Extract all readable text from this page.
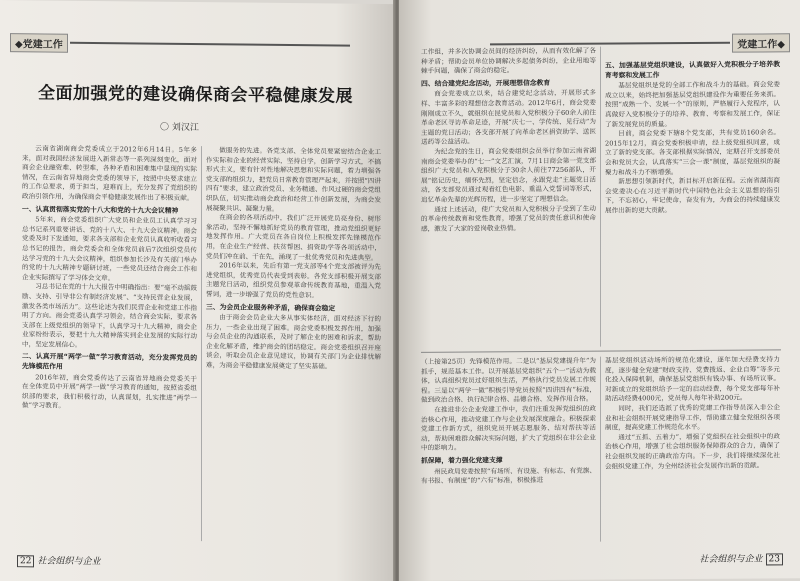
◆党建工作
全面加强党的建设确保商会平稳健康发展
〇 刘汉江

云南省湖南商会党委成立于2012年6月14日。5年多来，面对我国经济发展进入新常态等一系列深刻变化，面对商会企业融资难、转型难，各种矛盾和困难集中显现的实际情况，在云南省异地商会党委的领导下，按照中央要求建立的工作总要求，勇于担当，迎难而上，充分发挥了党组织的政治引领作用，为确保商会平稳健康发展作出了积极贡献。

一、认真贯彻落实党的十八大和党的十九大会议精神

5年来，商会党委组织广大党员和企业员工认真学习习总书记系列重要讲话、党的十八大、十九大会议精神。商会党委及时下发通知，要求各支部和企业党员认真收听收看习总书记的报告，商会党委会和全体党员前后7次组织党员传达学习党的十九大会议精神，组织参加长沙及有关部门举办的党的十九大精神专题研讨班，一些党员还结合商会工作和企业实际撰写了学习体会文章。

习总书记在党的十九大报告中明确指出：要“毫不动摇鼓励、支持、引导非公有制经济发展”、“支持民营企业发展，激发各类市场活力”。这些论述为我们民营企业和党建工作指明了方向。商会党委认真学习领会，结合商会实际，要求各支部在上级党组织的领导下，认真学习十九大精神，商会企业家纷纷表示，要把十九大精神落实到企业发展的实际行动中，坚定发展信心。

二、认真开展“两学一做”学习教育活动，充分发挥党员的先锋模范作用

2016年初，商会党委传达了云南省异地商会党委关于在全体党员中开展“两学一做”学习教育的通知，按照省委组织部的要求，我们积极行动，认真谋划，扎实推进“两学一做”学习教育。

做服务的先进。各党支部、全体党员要紧密结合企业工作实际和企业的经营实际，坚持自学，创新学习方式，不搞形式主义，要有针对性地解决思想和实际问题，着力增强各党支部的组织力，把党员日常教育管理严起来，并按照“四讲四有”要求，建立政治党员、业务精通、作风过硬的商会党组织队伍，切实推动商会政治和经营工作创新发展，为商会发展凝聚共识、凝聚力量。

在商会的各项活动中，我们广泛开展党员亮身份、树形象活动，坚持不懈地抓好党员的教育管理，推动党组织更好地发挥作用。广大党员在各自岗位上积极发挥先锋模范作用，在企业生产经营、扶贫帮困、捐资助学等各项活动中，党员们冲在前、干在先，涌现了一批优秀党员和先进典型。

2016年以来，先后有第一党支部等4个党支部被评为先进党组织，优秀党员代表受到表彰。各党支部积极开展支部主题党日活动，组织党员参观革命传统教育基地，重温入党誓词，进一步增强了党员的党性意识。

三、为会员企业服务种矛盾，确保商会稳定

由于商会会员企业大多从事实体经济，面对经济下行的压力，一些企业出现了困难。商会党委积极发挥作用，加强与会员企业的沟通联系，及时了解企业的困难和诉求，帮助企业化解矛盾，维护商会的团结稳定。商会党委组织召开座谈会，听取会员企业意见建议，协调有关部门为企业排忧解难，为商会平稳健康发展奠定了坚实基础。

22 社会组织与企业
党建工作◆

工作组，并多次协调会员间的经济纠纷，从而有效化解了各种矛盾；帮助会员单位协调解决多起债务纠纷，企业用地等棘手问题，确保了商会的稳定。

四、结合建党纪念活动，开展理想信念教育

商会党委成立以来，结合建党纪念活动，开展形式多样、丰富多彩的理想信念教育活动。2012年6月，商会党委刚刚成立不久，就组织在昆党员和入党积极分子60余人前往革命老区寻访革命足迹，开展“庆七一、学传统、见行动”为主题的党日活动；各支部开展了向革命老区捐资助学、送医送药等公益活动。

为纪念党的生日，商会党委组织会员举行参加云南省湖南商会党委举办的“七一”文艺汇演，7月1日商会第一党支部组织广大党员和入党积极分子30余人前往77256部队，开展“铭记历史，缅怀先烈，坚定信念，永跟党走”主题党日活动，各支部党员通过观看红色电影、重温入党誓词等形式，追忆革命先辈的光辉历程，进一步坚定了理想信念。

通过上述活动，使广大党员和入党积极分子受到了生动的革命传统教育和党性教育，增强了党员的责任意识和使命感，激发了大家的爱岗敬业热情。

五、加强基层党组织建设，认真做好入党积极分子培养教育考察和发展工作

基层党组织是党的全部工作和战斗力的基础。商会党委成立以来，始终把加强基层党组织建设作为重要任务来抓。按照“成熟一个、发展一个”的原则，严格履行入党程序，认真做好入党积极分子的培养、教育、考察和发展工作，保证了新发展党员的质量。

目前，商会党委下辖8个党支部，共有党员160余名。2015年12月，商会党委积极申请，经上级党组织同意，成立了新的党支部。各支部根据实际情况，定期召开支部委员会和党员大会，认真落实“三会一课”制度，基层党组织的凝聚力和战斗力不断增强。

新思想引领新时代，新目标开启新征程。云南省湖南商会党委决心在习近平新时代中国特色社会主义思想的指引下，不忘初心，牢记使命，奋发有为，为商会的持续健康发展作出新的更大贡献。

（上接第25页）先锋模范作用。二是以“基层党建提升年”为抓手，规范基本工作。以开展基层党组织“五个一”活动为载体，认真组织党员过好组织生活，严格执行党员发展工作规程。三是以“两学一做”积极引导党员按照“四讲四有”标准，做到政治合格、执行纪律合格、品德合格、发挥作用合格。

在推进非公企业党建工作中，我们注重发挥党组织的政治核心作用，推动党建工作与企业发展深度融合。积极探索党建工作新方式，组织党员开展志愿服务、结对帮扶等活动，帮助困难群众解决实际问题，扩大了党组织在非公企业中的影响力。

抓保障，着力强化党建支撑

州民政局党委按照“有场所、有设施、有标志、有党旗、有书报、有制度”的“六有”标准，积极推进

基层党组织活动场所的规范化建设，逐年加大经费支持力度，逐步健全党建“财政支持、党费拨返、企业自筹”等多元化投入保障机制，确保基层党组织有钱办事、有场所议事。对新成立的党组织给予一定的启动经费，每个党支部每年补助活动经费4000元，党员每人每年补助200元。

同时，我们还选派了优秀的党建工作指导员深入非公企业和社会组织开展党建指导工作，帮助建立健全党组织各项制度，提高党建工作规范化水平。

通过“五抓、五着力”，增强了党组织在社会组织中的政治核心作用，增强了社会组织服务保障群众的合力，确保了社会组织发展的正确政治方向。下一步，我们将继续深化社会组织党建工作，为全州经济社会发展作出新的贡献。

社会组织与企业 23
